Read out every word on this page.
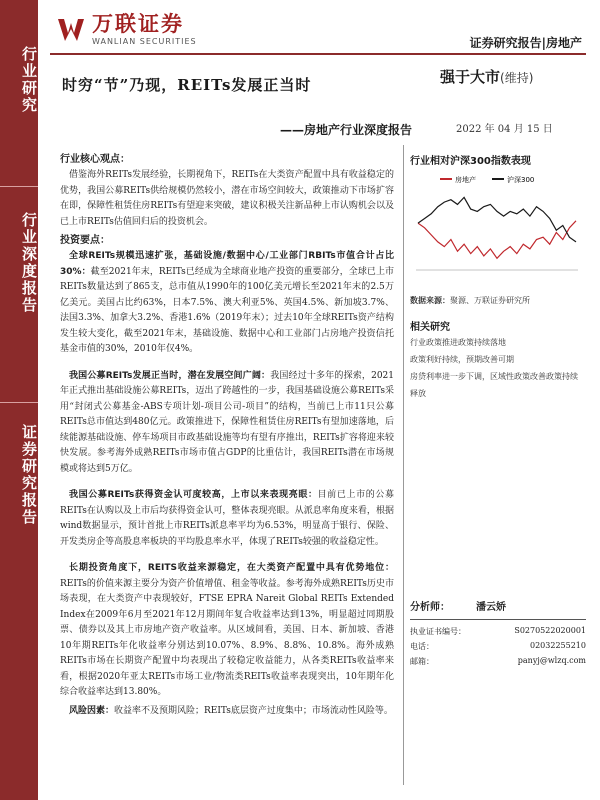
行业研究
行业深度报告
证券研究报告
万联证券
WANLIAN SECURITIES	证券研究报告|房地产
时穷“节”乃现，REITs发展正当时
——房地产行业深度报告
强于大市(维持)
2022 年 04 月 15 日
行业核心观点：

借鉴海外REITs发展经验，长期视角下，REITs在大类资产配置中具有收益稳定的优势，我国公募REITs供给规模仍然较小，潜在市场空间较大，政策推动下市场扩容在即，保障性租赁住房REITs有望迎来突破，建议积极关注新品种上市认购机会以及已上市REITs估值回归后的投资机会。

投资要点：

全球REITs规模迅速扩张，基础设施/数据中心/工业部门RBITs市值合计占比30%：截至2021年末，REITs已经成为全球商业地产投资的重要部分，全球已上市REITs数量达到了865支，总市值从1990年的100亿美元增长至2021年末的2.5万亿美元。美国占比约63%，日本7.5%、澳大利亚5%、英国4.5%、新加坡3.7%、法国3.3%、加拿大3.2%、香港1.6%（2019年末）；过去10年全球REITs资产结构发生较大变化，截至2021年末，基础设施、数据中心和工业部门占房地产投资信托基金市值的30%，2010年仅4%。

我国公募REITs发展正当时，潜在发展空间广阔：我国经过十多年的探索，2021年正式推出基础设施公募REITs，迈出了跨越性的一步，我国基础设施公募REITs采用“封闭式公募基金-ABS专项计划-项目公司-项目”的结构，当前已上市11只公募REITs总市值达到480亿元。政策推进下，保障性租赁住房REITs有望加速落地，后续能源基础设施、停车场项目市政基础设施等均有望有序推出，REITs扩容将迎来较快发展。参考海外成熟REITs市场市值占GDP的比重估计，我国REITs潜在市场规模或将达到5万亿。

我国公募REITs获得资金认可度较高，上市以来表现亮眼：目前已上市的公募REITs在认购以及上市后均获得资金认可，整体表现亮眼。从派息率角度来看，根据wind数据显示，预计首批上市REITs派息率平均为6.53%，明显高于银行、保险、开发类房企等高股息率板块的平均股息率水平，体现了REITs较强的收益稳定性。

长期投资角度下，REITS收益来源稳定，在大类资产配置中具有优势地位：REITs的价值来源主要分为资产价值增值、租金等收益。参考海外成熟REITs历史市场表现，在大类资产中表现较好，FTSE EPRA Nareit Global REITs Extended Index在2009年6月至2021年12月期间年复合收益率达到13%，明显超过同期股票、债券以及其上市房地产资产收益率。从区域间看，美国、日本、新加坡、香港10年期REITs年化收益率分别达到10.07%、8.9%、8.8%、10.8%。海外成熟REITs市场在长期资产配置中均表现出了较稳定收益能力，从各类REITs收益率来看，根据2020年亚太REITs市场工业/物流类REITs收益率表现突出，10年期年化综合收益率达到13.80%。

风险因素：收益率不及预期风险；REITs底层资产过度集中；市场流动性风险等。

行业相对沪深300指数表现
房地产	沪深300
数据来源：聚源、万联证券研究所
相关研究
行业政策推进政策持续落地
政策利好持续，预期改善可期
房贷利率进一步下调，区域性政策改善政策持续释放
分析师：	潘云娇
执业证书编号：	S0270522020001
电话：	02032255210
邮箱：	panyj@wlzq.com
